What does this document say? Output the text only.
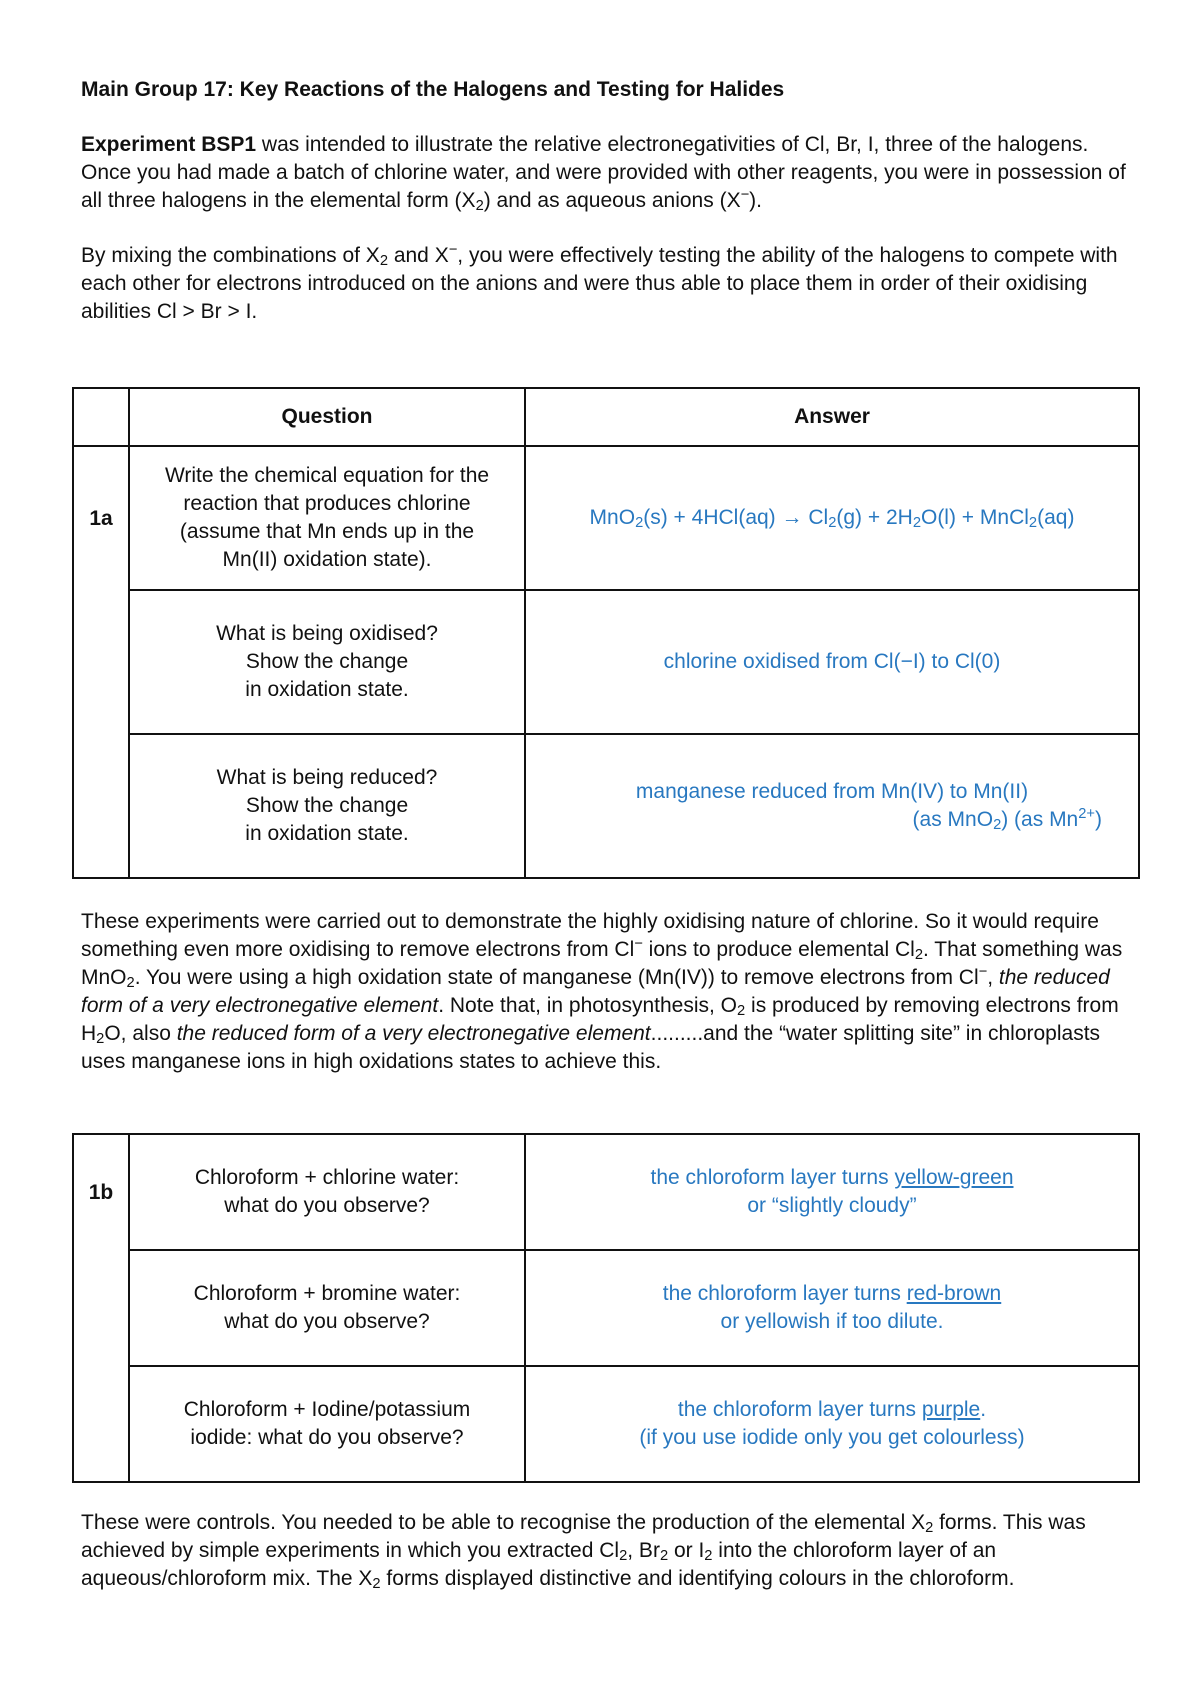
Main Group 17: Key Reactions of the Halogens and Testing for Halides

Experiment BSP1 was intended to illustrate the relative electronegativities of Cl, Br, I, three of the halogens. Once you had made a batch of chlorine water, and were provided with other reagents, you were in possession of all three halogens in the elemental form $(X_2)$ and as aqueous anions (X−).

By mixing the combinations of $X_2$ and X−, you were effectively testing the ability of the halogens to compete with each other for electrons introduced on the anions and were thus able to place them in order of their oxidising abilities Cl > Br > I.

	Question	Answer
1a	Write the chemical equation for the reaction that produces chlorine (assume that Mn ends up in the Mn(II) oxidation state).	$MnO_2(s) + 4HCl(aq) \to Cl_2(g) + 2H_2O(l)$ + MnCl$_2$(aq)
	What is being oxidised?
Show the change
in oxidation state.	chlorine oxidised from Cl(−I) to Cl(0)
	What is being reduced?
Show the change
in oxidation state.	manganese reduced from Mn(IV) to Mn(II)
(as MnO$_2$) (as $Mn^{2+}$)

These experiments were carried out to demonstrate the highly oxidising nature of chlorine. So it would require something even more oxidising to remove electrons from Cl− ions to produce elemental $Cl_2$. That something was MnO$_2$. You were using a high oxidation state of manganese (Mn(IV)) to remove electrons from Cl−, the reduced form of a very electronegative element. Note that, in photosynthesis, $O_2$ is produced by removing electrons from $H_2O$, also the reduced form of a very electronegative element.........and the “water splitting site” in chloroplasts uses manganese ions in high oxidations states to achieve this.

1b	Chloroform + chlorine water:
what do you observe?	the chloroform layer turns yellow-green
or “slightly cloudy”
	Chloroform + bromine water:
what do you observe?	the chloroform layer turns red-brown
or yellowish if too dilute.
	Chloroform + Iodine/potassium
iodide: what do you observe?	the chloroform layer turns purple.
(if you use iodide only you get colourless)

These were controls. You needed to be able to recognise the production of the elemental $X_2$ forms. This was achieved by simple experiments in which you extracted $Cl_2$, $Br_2$ or $I_2$ into the chloroform layer of an aqueous/chloroform mix. The $X_2$ forms displayed distinctive and identifying colours in the chloroform.
